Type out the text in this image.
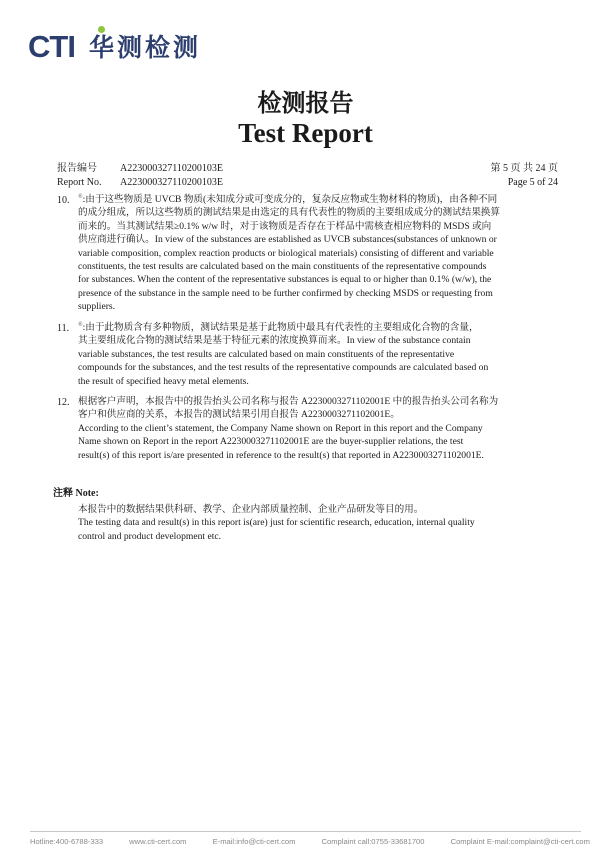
CTI 华测检测
检测报告
Test Report
报告编号 A223000327110200103E	第 5 页 共 24 页
Report No. A223000327110200103E	Page 5 of 24
10. ®:由于这些物质是 UVCB 物质(未知成分或可变成分的，复杂反应物或生物材料的物质)，由各种不同
的成分组成，所以这些物质的测试结果是由选定的具有代表性的物质的主要组成成分的测试结果换算
而来的。当其测试结果≥0.1% w/w 时，对于该物质是否存在于样品中需核查相应物料的 MSDS 或向
供应商进行确认。In view of the substances are established as UVCB substances(substances of unknown or
variable composition, complex reaction products or biological materials) consisting of different and variable
constituents, the test results are calculated based on the main constituents of the representative compounds
for substances. When the content of the representative substances is equal to or higher than 0.1% (w/w), the
presence of the substance in the sample need to be further confirmed by checking MSDS or requesting from
suppliers.
11. ®:由于此物质含有多种物质，测试结果是基于此物质中最具有代表性的主要组成化合物的含量，
其主要组成化合物的测试结果是基于特征元素的浓度换算而来。In view of the substance contain
variable substances, the test results are calculated based on main constituents of the representative
compounds for the substances, and the test results of the representative compounds are calculated based on
the result of specified heavy metal elements.
12. 根据客户声明，本报告中的报告抬头公司名称与报告 A2230003271102001E 中的报告抬头公司名称为
客户和供应商的关系，本报告的测试结果引用自报告 A2230003271102001E。
According to the client’s statement, the Company Name shown on Report in this report and the Company
Name shown on Report in the report A2230003271102001E are the buyer-supplier relations, the test
result(s) of this report is/are presented in reference to the result(s) that reported in A2230003271102001E.
注释 Note:
本报告中的数据结果供科研、教学、企业内部质量控制、企业产品研发等目的用。
The testing data and result(s) in this report is(are) just for scientific research, education, internal quality
control and product development etc.
Hotline:400-6788-333	www.cti-cert.com	E-mail:info@cti-cert.com	Complaint call:0755-33681700	Complaint E-mail:complaint@cti-cert.com
